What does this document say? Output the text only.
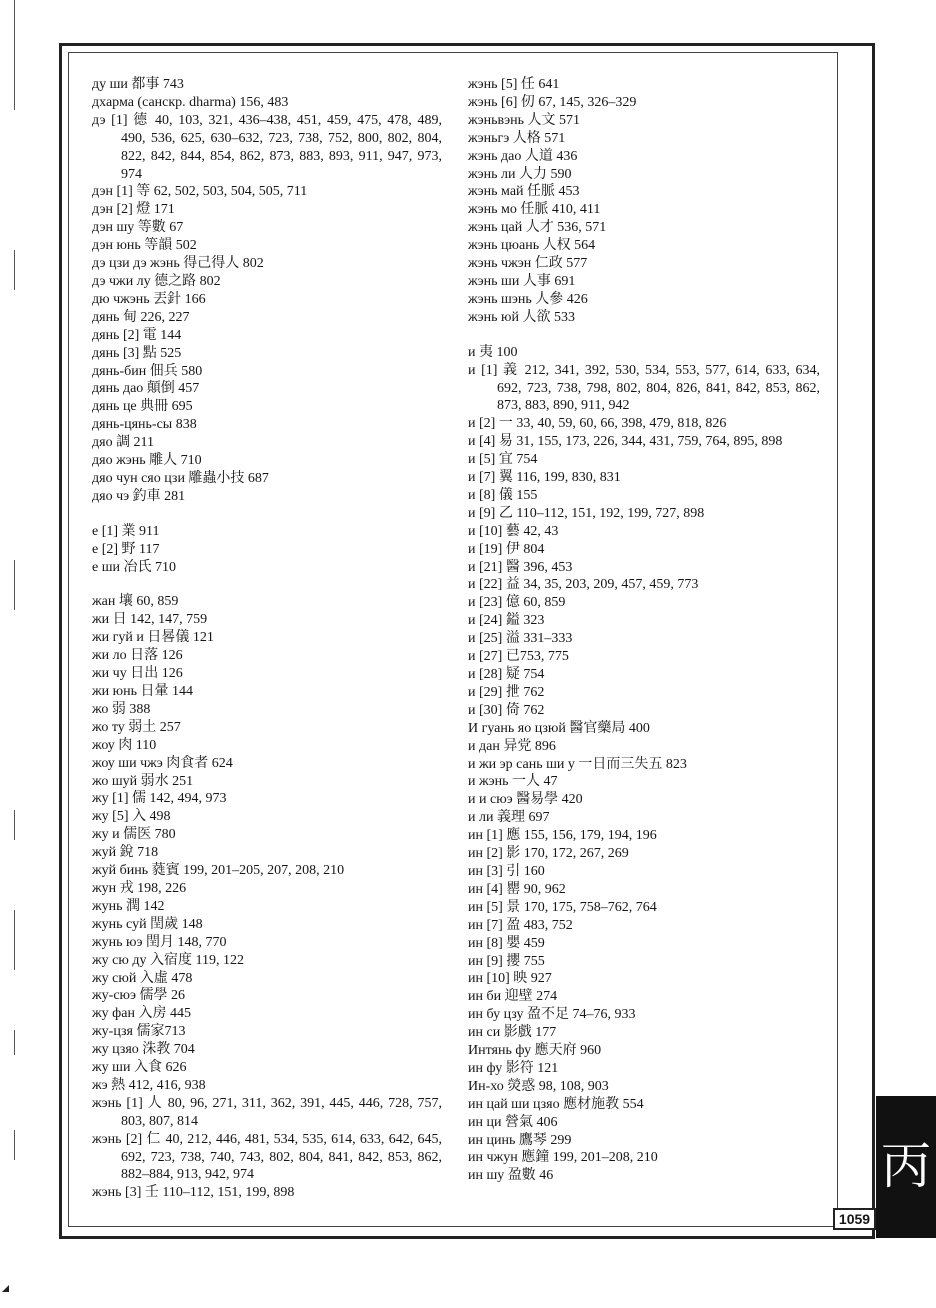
ду ши 都事 743
дхарма (санскр. dharma) 156, 483
дэ [1] 德 40, 103, 321, 436–438, 451, 459, 475, 478, 489, 490, 536, 625, 630–632, 723, 738, 752, 800, 802, 804, 822, 842, 844, 854, 862, 873, 883, 893, 911, 947, 973, 974
дэн [1] 等 62, 502, 503, 504, 505, 711
дэн [2] 燈 171
дэн шу 等數 67
дэн юнь 等韻 502
дэ цзи дэ жэнь 得己得人 802
дэ чжи лу 德之路 802
дю чжэнь 丟針 166
дянь 甸 226, 227
дянь [2] 電 144
дянь [3] 點 525
дянь-бин 佃兵 580
дянь дао 顛倒 457
дянь це 典冊 695
дянь-цянь-сы 838
дяо 調 211
дяо жэнь 雕人 710
дяо чун сяо цзи 雕蟲小技 687
дяо чэ 釣車 281
е [1] 業 911
е [2] 野 117
е ши 冶氏 710
жан 壤 60, 859
жи 日 142, 147, 759
жи гуй и 日晷儀 121
жи ло 日落 126
жи чу 日出 126
жи юнь 日暈 144
жо 弱 388
жо ту 弱土 257
жоу 肉 110
жоу ши чжэ 肉食者 624
жо шуй 弱水 251
жу [1] 儒 142, 494, 973
жу [5] 入 498
жу и 儒医 780
жуй 銳 718
жуй бинь 蕤賓 199, 201–205, 207, 208, 210
жун 戎 198, 226
жунь 潤 142
жунь суй 閏歲 148
жунь юэ 閏月 148, 770
жу сю ду 入宿度 119, 122
жу сюй 入虛 478
жу-сюэ 儒學 26
жу фан 入房 445
жу-цзя 儒家713
жу цзяо 洙教 704
жу ши 入食 626
жэ 熱 412, 416, 938
жэнь [1] 人 80, 96, 271, 311, 362, 391, 445, 446, 728, 757, 803, 807, 814
жэнь [2] 仁 40, 212, 446, 481, 534, 535, 614, 633, 642, 645, 692, 723, 738, 740, 743, 802, 804, 841, 842, 853, 862, 882–884, 913, 942, 974
жэнь [3] 壬 110–112, 151, 199, 898
жэнь [5] 任 641
жэнь [6] 仞 67, 145, 326–329
жэньвэнь 人文 571
жэньгэ 人格 571
жэнь дао 人道 436
жэнь ли 人力 590
жэнь май 任脈 453
жэнь мо 任脈 410, 411
жэнь цай 人才 536, 571
жэнь цюань 人权 564
жэнь чжэн 仁政 577
жэнь ши 人事 691
жэнь шэнь 人參 426
жэнь юй 人欲 533
и 夷 100
и [1] 義 212, 341, 392, 530, 534, 553, 577, 614, 633, 634, 692, 723, 738, 798, 802, 804, 826, 841, 842, 853, 862, 873, 883, 890, 911, 942
и [2] 一 33, 40, 59, 60, 66, 398, 479, 818, 826
и [4] 易 31, 155, 173, 226, 344, 431, 759, 764, 895, 898
и [5] 宜 754
и [7] 翼 116, 199, 830, 831
и [8] 儀 155
и [9] 乙 110–112, 151, 192, 199, 727, 898
и [10] 藝 42, 43
и [19] 伊 804
и [21] 醫 396, 453
и [22] 益 34, 35, 203, 209, 457, 459, 773
и [23] 億 60, 859
и [24] 鎰 323
и [25] 溢 331–333
и [27] 已753, 775
и [28] 疑 754
и [29] 抴 762
и [30] 倚 762
И гуань яо цзюй 醫官藥局 400
и дан 异党 896
и жи эр сань ши у 一日而三失五 823
и жэнь 一人 47
и и сюэ 醫易學 420
и ли 義理 697
ин [1] 應 155, 156, 179, 194, 196
ин [2] 影 170, 172, 267, 269
ин [3] 引 160
ин [4] 罌 90, 962
ин [5] 景 170, 175, 758–762, 764
ин [7] 盈 483, 752
ин [8] 嬰 459
ин [9] 攖 755
ин [10] 映 927
ин би 迎壁 274
ин бу цзу 盈不足 74–76, 933
ин си 影戲 177
Интянь фу 應天府 960
ин фу 影符 121
Ин-хо 熒惑 98, 108, 903
ин цай ши цзяо 應材施教 554
ин ци 營氣 406
ин цинь 鷹琴 299
ин чжун 應鐘 199, 201–208, 210
ин шу 盈數 46	丙
1059
